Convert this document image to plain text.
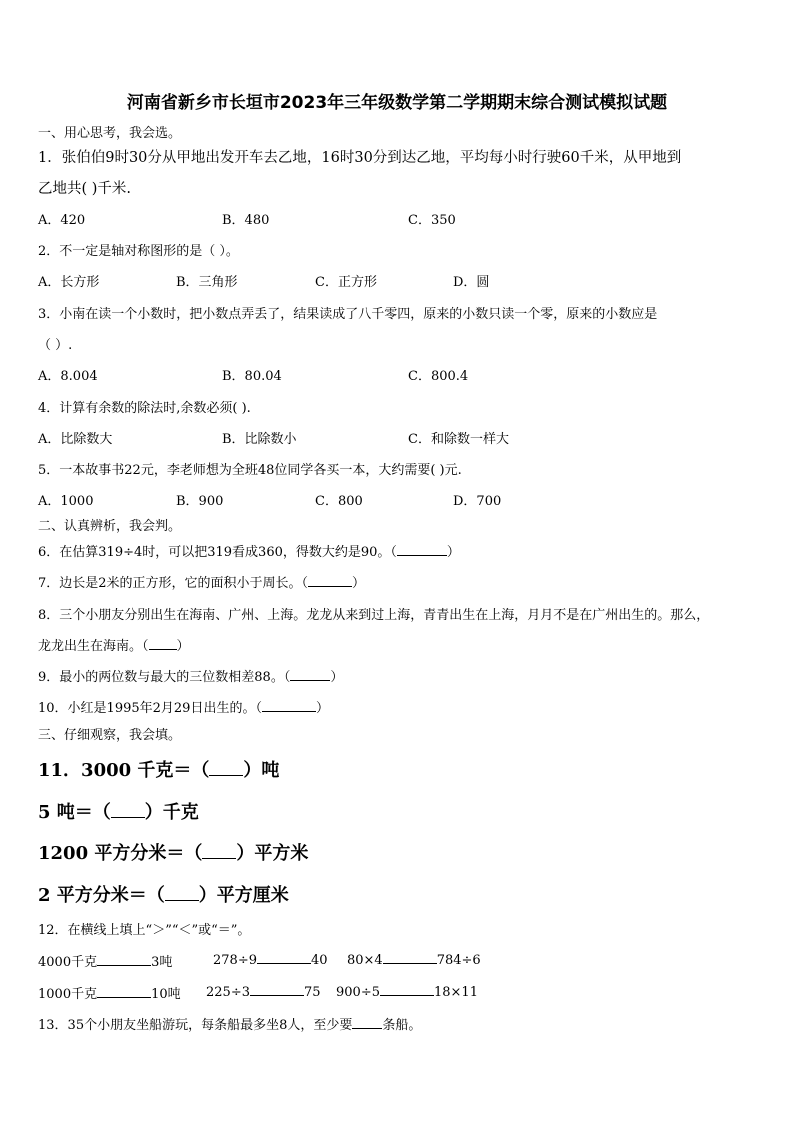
河南省新乡市长垣市2023年三年级数学第二学期期末综合测试模拟试题
一、用心思考，我会选。
1．张伯伯9时30分从甲地出发开车去乙地，16时30分到达乙地，平均每小时行驶60千米，从甲地到
乙地共( )千米.
A．420	B．480	C．350
2．不一定是轴对称图形的是（ ）。
A．长方形	B．三角形	C．正方形	D．圆
3．小南在读一个小数时，把小数点弄丢了，结果读成了八千零四，原来的小数只读一个零，原来的小数应是
（ ）.
A．8.004	B．80.04	C．800.4
4．计算有余数的除法时,余数必须( ).
A．比除数大	B．比除数小	C．和除数一样大
5．一本故事书22元，李老师想为全班48位同学各买一本，大约需要( )元.
A．1000	B．900	C．800	D．700
二、认真辨析，我会判。
6．在估算319÷4时，可以把319看成360，得数大约是90。（	）
7．边长是2米的正方形，它的面积小于周长。（	）
8．三个小朋友分别出生在海南、广州、上海。龙龙从来到过上海，青青出生在上海，月月不是在广州出生的。那么，
龙龙出生在海南。（ ）
9．最小的两位数与最大的三位数相差88。（	）
10．小红是1995年2月29日出生的。（	）
三、仔细观察，我会填。
11．3000 千克＝（ ）吨
5 吨＝（ ）千克
1200 平方分米＝（ ）平方米
2 平方分米＝（ ）平方厘米
12．在横线上填上“＞”“＜”或“＝”。
4000千克	3吨	278÷9	40 80×4	784÷6
1000千克	10吨 225÷3	75 900÷5	18×11
13．35个小朋友坐船游玩，每条船最多坐8人，至少要 条船。
